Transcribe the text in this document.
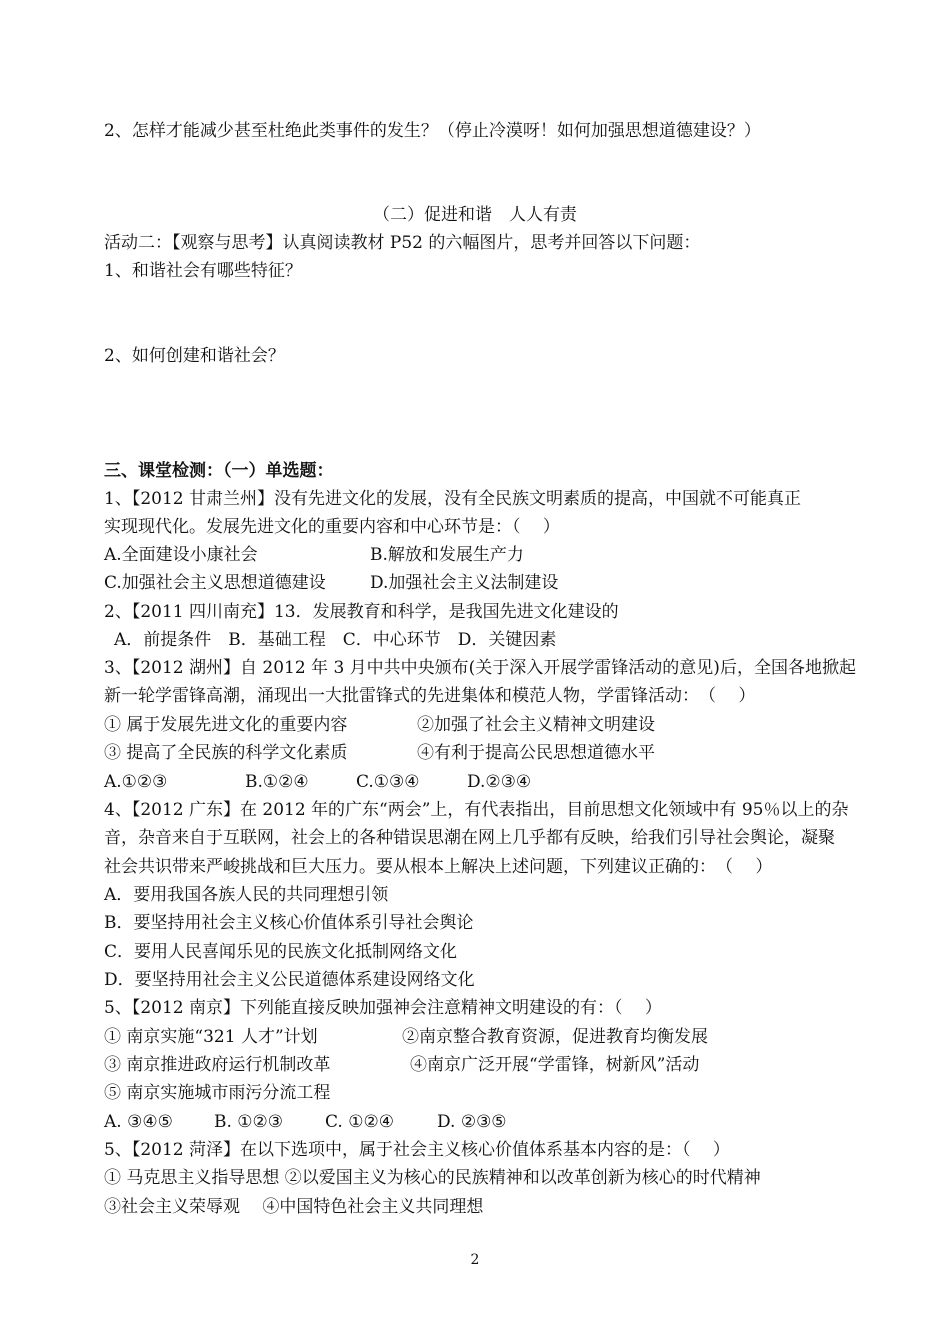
2、怎样才能减少甚至杜绝此类事件的发生？（停止冷漠呀！如何加强思想道德建设？）
（二）促进和谐　人人有责
活动二：【观察与思考】认真阅读教材 P52 的六幅图片，思考并回答以下问题：
1、和谐社会有哪些特征？
2、如何创建和谐社会？
三、课堂检测：（一）单选题：
1、【2012 甘肃兰州】没有先进文化的发展，没有全民族文明素质的提高，中国就不可能真正
实现现代化。发展先进文化的重要内容和中心环节是：（　 ）
A.全面建设小康社会	B.解放和发展生产力
C.加强社会主义思想道德建设	D.加强社会主义法制建设
2、【2011 四川南充】13．发展教育和科学，是我国先进文化建设的
A．前提条件　B．基础工程　C．中心环节　D．关键因素
3、【2012 湖州】自 2012 年 3 月中共中央颁布(关于深入开展学雷锋活动的意见)后，全国各地掀起
新一轮学雷锋高潮，涌现出一大批雷锋式的先进集体和模范人物，学雷锋活动：　（　 ）
① 属于发展先进文化的重要内容	②加强了社会主义精神文明建设
③ 提高了全民族的科学文化素质	④有利于提高公民思想道德水平
A.①②③	B.①②④	C.①③④	D.②③④
4、【2012 广东】在 2012 年的广东“两会”上，有代表指出，目前思想文化领域中有 95％以上的杂
音，杂音来自于互联网，社会上的各种错误思潮在网上几乎都有反映，给我们引导社会舆论，凝聚
社会共识带来严峻挑战和巨大压力。要从根本上解决上述问题，下列建议正确的：　（　 ）
A．要用我国各族人民的共同理想引领
B．要坚持用社会主义核心价值体系引导社会舆论
C．要用人民喜闻乐见的民族文化抵制网络文化
D．要坚持用社会主义公民道德体系建设网络文化
5、【2012 南京】下列能直接反映加强神会注意精神文明建设的有：（　 ）
① 南京实施“321 人才”计划	②南京整合教育资源，促进教育均衡发展
③ 南京推进政府运行机制改革	④南京广泛开展“学雷锋，树新风”活动
⑤ 南京实施城市雨污分流工程
A. ③④⑤ B. ①②③ C. ①②④	D. ②③⑤
5、【2012 菏泽】在以下选项中，属于社会主义核心价值体系基本内容的是：（　 ）
① 马克思主义指导思想 ②以爱国主义为核心的民族精神和以改革创新为核心的时代精神
③社会主义荣辱观　 ④中国特色社会主义共同理想
2
